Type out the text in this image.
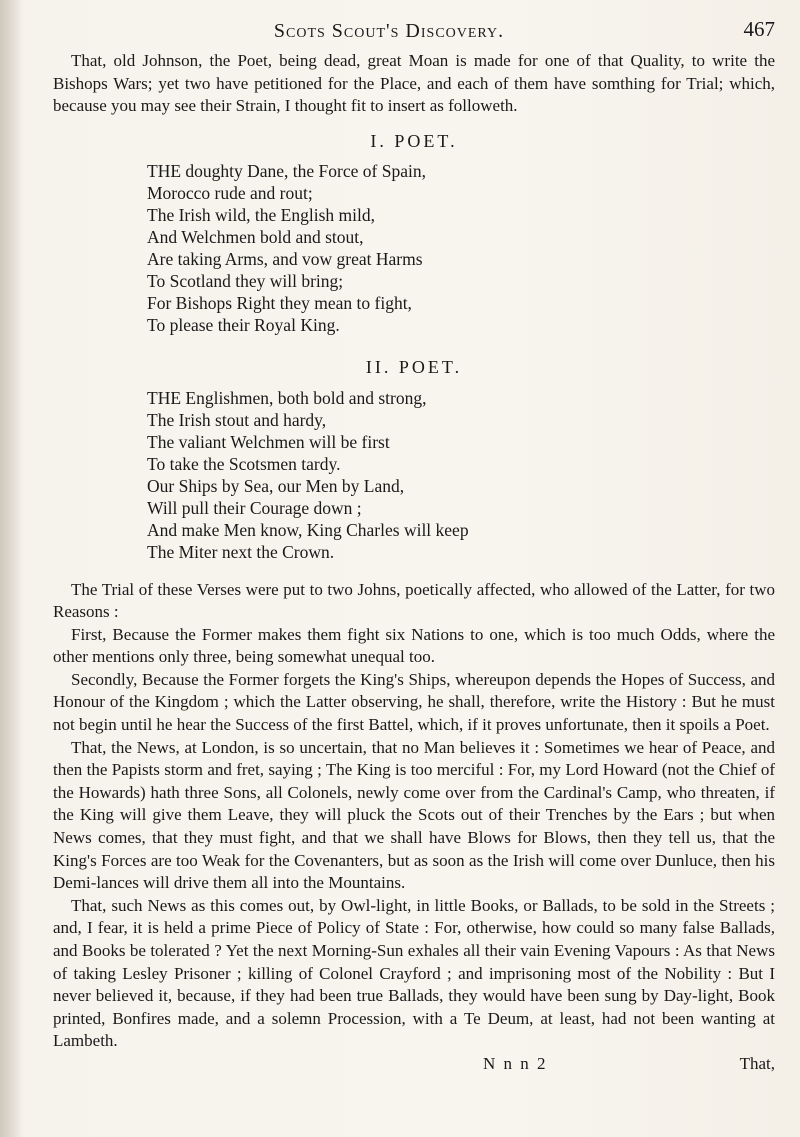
Scots Scout's Discovery.	467

That, old Johnson, the Poet, being dead, great Moan is made for one of that Quality, to write the Bishops Wars; yet two have petitioned for the Place, and each of them have somthing for Trial; which, because you may see their Strain, I thought fit to insert as followeth.

I. POET.
THE doughty Dane, the Force of Spain,
Morocco rude and rout;
The Irish wild, the English mild,
And Welchmen bold and stout,
Are taking Arms, and vow great Harms
To Scotland they will bring;
For Bishops Right they mean to fight,
To please their Royal King.
II. POET.
THE Englishmen, both bold and strong,
The Irish stout and hardy,
The valiant Welchmen will be first
To take the Scotsmen tardy.
Our Ships by Sea, our Men by Land,
Will pull their Courage down ;
And make Men know, King Charles will keep
The Miter next the Crown.

The Trial of these Verses were put to two Johns, poetically affected, who allowed of the Latter, for two Reasons :

First, Because the Former makes them fight six Nations to one, which is too much Odds, where the other mentions only three, being somewhat unequal too.

Secondly, Because the Former forgets the King's Ships, whereupon depends the Hopes of Success, and Honour of the Kingdom ; which the Latter observing, he shall, therefore, write the History : But he must not begin until he hear the Success of the first Battel, which, if it proves unfortunate, then it spoils a Poet.

That, the News, at London, is so uncertain, that no Man believes it : Sometimes we hear of Peace, and then the Papists storm and fret, saying ; The King is too merciful : For, my Lord Howard (not the Chief of the Howards) hath three Sons, all Colonels, newly come over from the Cardinal's Camp, who threaten, if the King will give them Leave, they will pluck the Scots out of their Trenches by the Ears ; but when News comes, that they must fight, and that we shall have Blows for Blows, then they tell us, that the King's Forces are too Weak for the Covenanters, but as soon as the Irish will come over Dunluce, then his Demi-lances will drive them all into the Mountains.

That, such News as this comes out, by Owl-light, in little Books, or Ballads, to be sold in the Streets ; and, I fear, it is held a prime Piece of Policy of State : For, otherwise, how could so many false Ballads, and Books be tolerated ? Yet the next Morning-Sun exhales all their vain Evening Vapours : As that News of taking Lesley Prisoner ; killing of Colonel Crayford ; and imprisoning most of the Nobility : But I never believed it, because, if they had been true Ballads, they would have been sung by Day-light, Book printed, Bonfires made, and a solemn Procession, with a Te Deum, at least, had not been wanting at Lambeth.

N n n 2	That,
